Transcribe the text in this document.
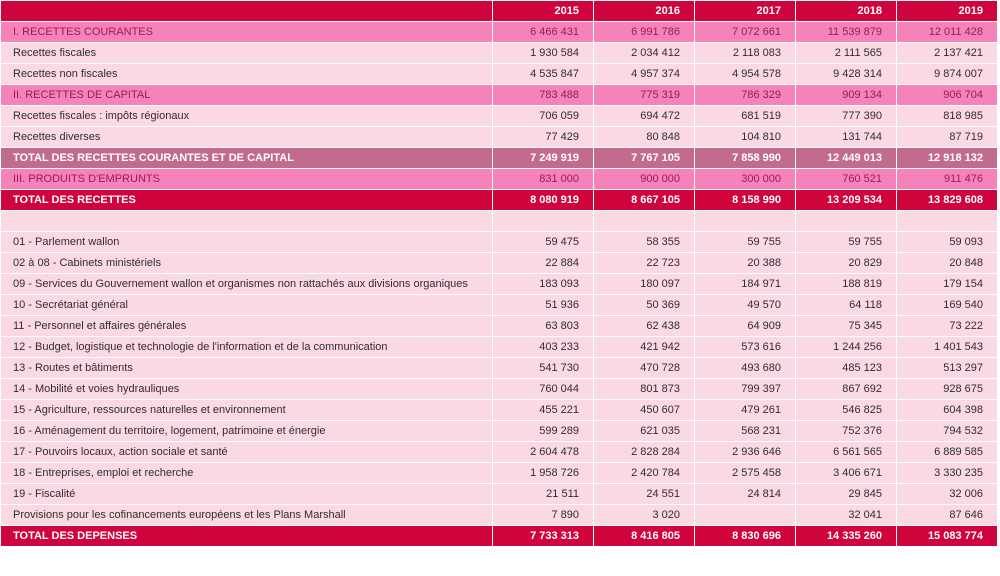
	2015	2016	2017	2018	2019
I. RECETTES COURANTES	6 466 431	6 991 786	7 072 661	11 539 879	12 011 428
Recettes fiscales	1 930 584	2 034 412	2 118 083	2 111 565	2 137 421
Recettes non fiscales	4 535 847	4 957 374	4 954 578	9 428 314	9 874 007
II. RECETTES DE CAPITAL	783 488	775 319	786 329	909 134	906 704
Recettes fiscales : impôts régionaux	706 059	694 472	681 519	777 390	818 985
Recettes diverses	77 429	80 848	104 810	131 744	87 719
TOTAL DES RECETTES COURANTES ET DE CAPITAL	7 249 919	7 767 105	7 858 990	12 449 013	12 918 132
III. PRODUITS D'EMPRUNTS	831 000	900 000	300 000	760 521	911 476
TOTAL DES RECETTES	8 080 919	8 667 105	8 158 990	13 209 534	13 829 608

01 - Parlement wallon	59 475	58 355	59 755	59 755	59 093
02 à 08 - Cabinets ministériels	22 884	22 723	20 388	20 829	20 848
09 - Services du Gouvernement wallon et organismes non rattachés aux divisions organiques	183 093	180 097	184 971	188 819	179 154
10 - Secrétariat général	51 936	50 369	49 570	64 118	169 540
11 - Personnel et affaires générales	63 803	62 438	64 909	75 345	73 222
12 - Budget, logistique et technologie de l'information et de la communication	403 233	421 942	573 616	1 244 256	1 401 543
13 - Routes et bâtiments	541 730	470 728	493 680	485 123	513 297
14 - Mobilité et voies hydrauliques	760 044	801 873	799 397	867 692	928 675
15 - Agriculture, ressources naturelles et environnement	455 221	450 607	479 261	546 825	604 398
16 - Aménagement du territoire, logement, patrimoine et énergie	599 289	621 035	568 231	752 376	794 532
17 - Pouvoirs locaux, action sociale et santé	2 604 478	2 828 284	2 936 646	6 561 565	6 889 585
18 - Entreprises, emploi et recherche	1 958 726	2 420 784	2 575 458	3 406 671	3 330 235
19 - Fiscalité	21 511	24 551	24 814	29 845	32 006
Provisions pour les cofinancements européens et les Plans Marshall	7 890	3 020		32 041	87 646
TOTAL DES DEPENSES	7 733 313	8 416 805	8 830 696	14 335 260	15 083 774
